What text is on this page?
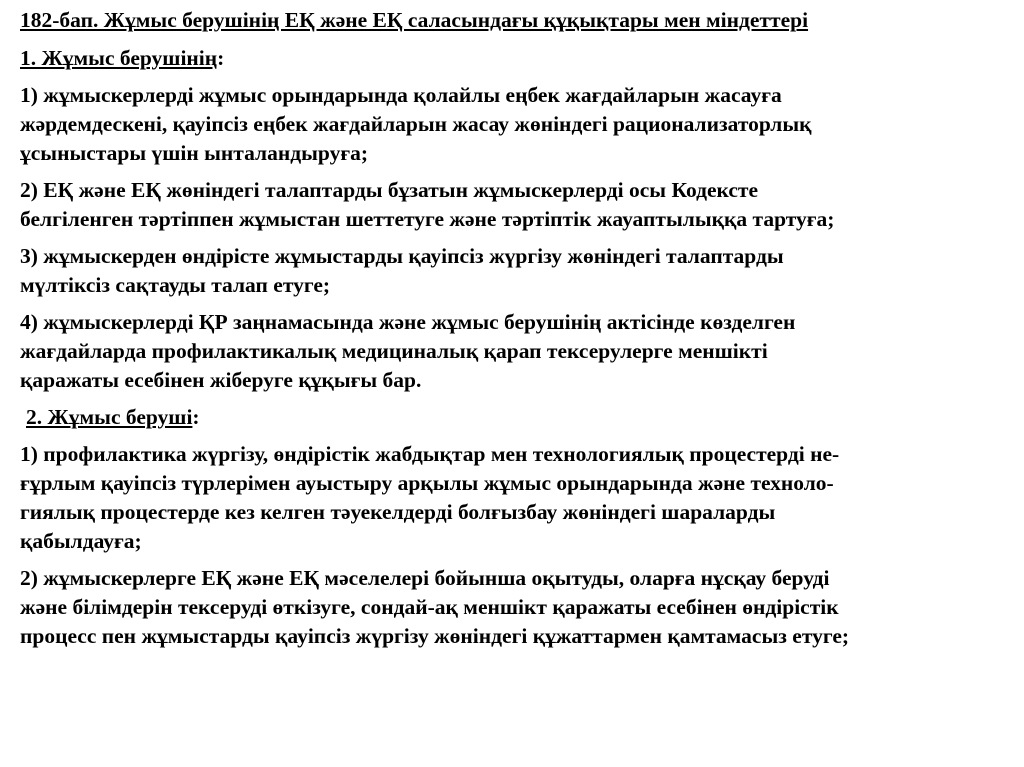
182-бап. Жұмыс берушінің ЕҚ және ЕҚ саласындағы құқықтары мен міндеттері
1. Жұмыс берушінің:
1) жұмыскерлерді жұмыс орындарында қолайлы еңбек жағдайларын жасауға
жәрдемдескені, қауіпсіз еңбек жағдайларын жасау жөніндегі рационализаторлық
ұсыныстары үшін ынталандыруға;
2) ЕҚ және ЕҚ жөніндегі талаптарды бұзатын жұмыскерлерді осы Кодексте
белгіленген тәртіппен жұмыстан шеттетуге және тәртіптік жауаптылыққа тартуға;
3) жұмыскерден өндірісте жұмыстарды қауіпсіз жүргізу жөніндегі талаптарды
мүлтіксіз сақтауды талап етуге;
4) жұмыскерлерді ҚР заңнамасында және жұмыс берушінің актісінде көзделген
жағдайларда профилактикалық медициналық қарап тексерулерге меншікті
қаражаты есебінен жіберуге құқығы бар.
2. Жұмыс беруші:
1) профилактика жүргізу, өндірістік жабдықтар мен технологиялық процестерді не-
ғұрлым қауіпсіз түрлерімен ауыстыру арқылы жұмыс орындарында және техноло-
гиялық процестерде кез келген тәуекелдерді болғызбау жөніндегі шараларды
қабылдауға;
2) жұмыскерлерге ЕҚ және ЕҚ мәселелері бойынша оқытуды, оларға нұсқау беруді
және білімдерін тексеруді өткізуге, сондай-ақ меншікт қаражаты есебінен өндірістік
процесс пен жұмыстарды қауіпсіз жүргізу жөніндегі құжаттармен қамтамасыз етуге;
